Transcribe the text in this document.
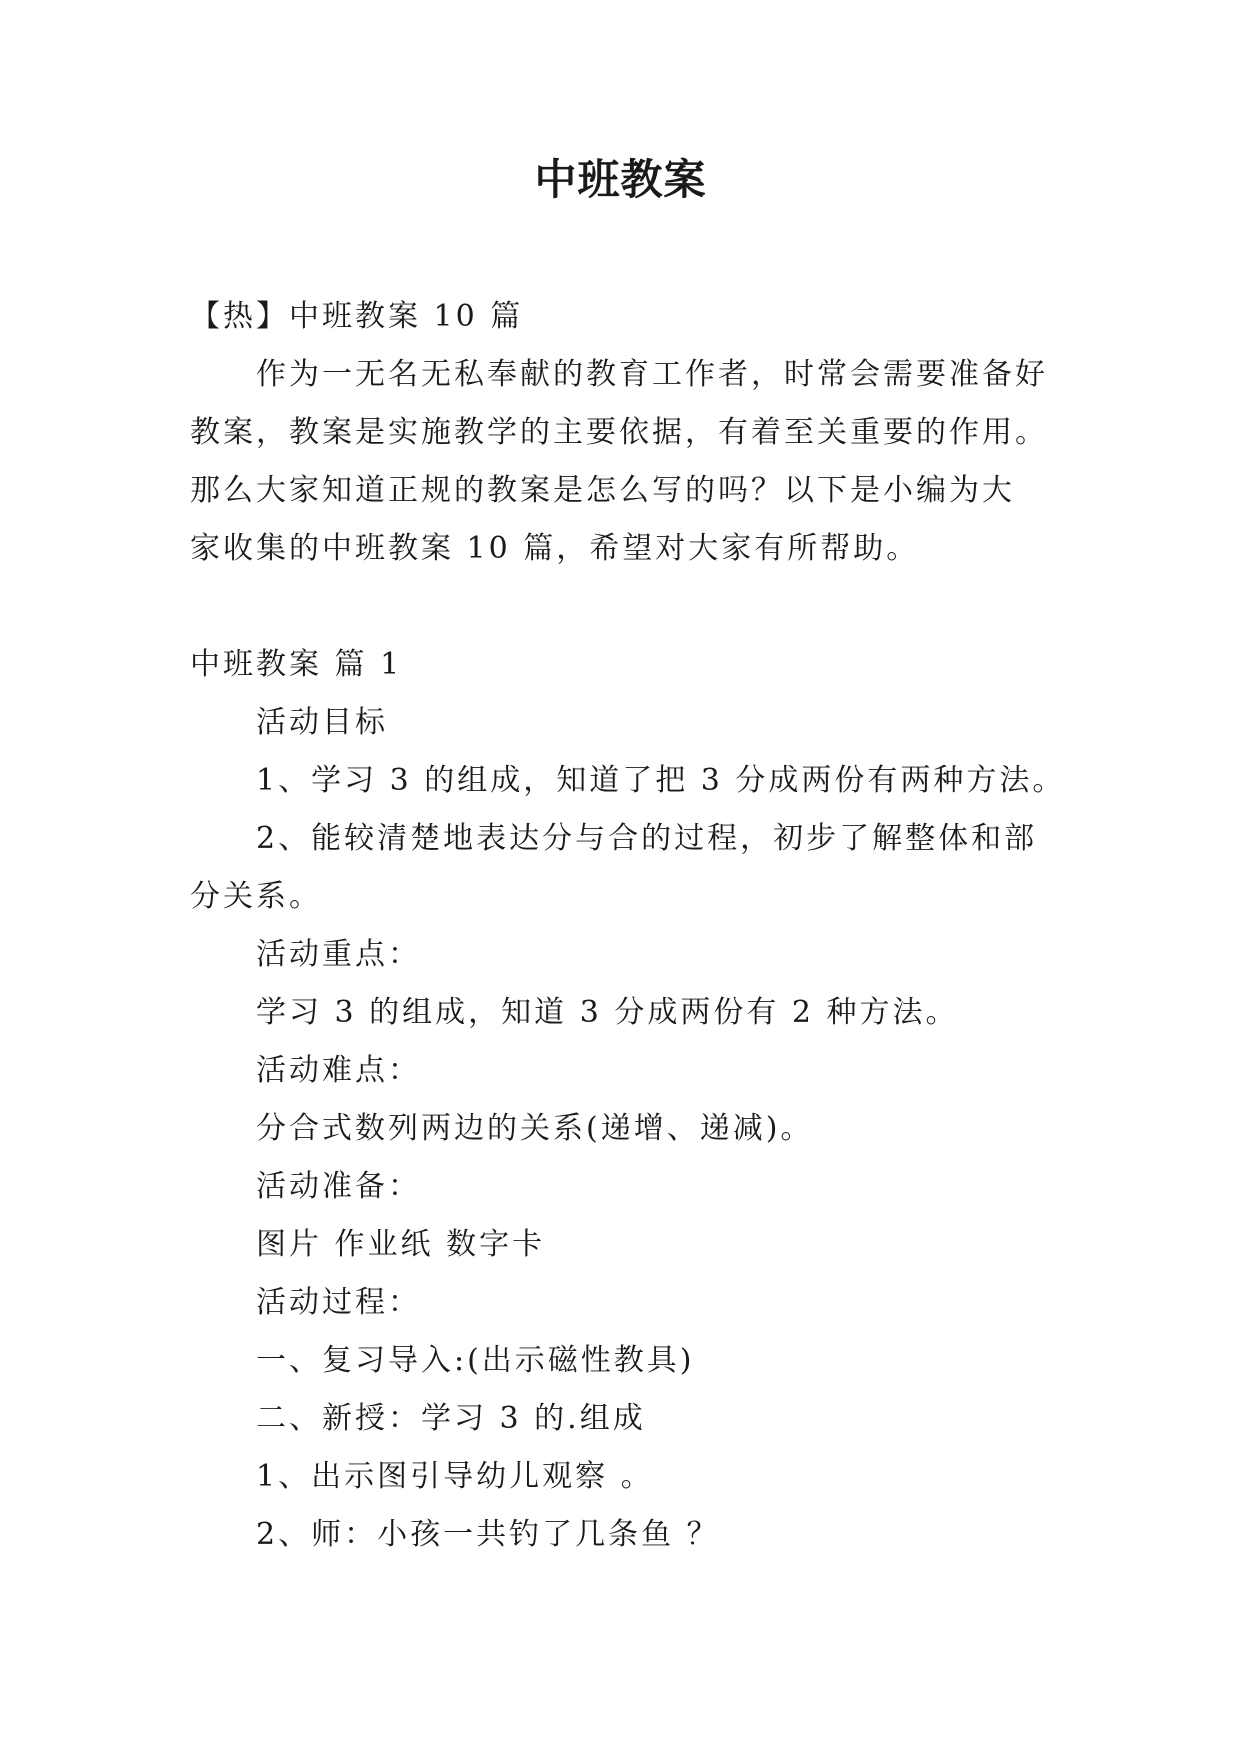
中班教案

【热】中班教案 10 篇

作为一无名无私奉献的教育工作者，时常会需要准备好

教案，教案是实施教学的主要依据，有着至关重要的作用。

那么大家知道正规的教案是怎么写的吗？以下是小编为大

家收集的中班教案 10 篇，希望对大家有所帮助。

中班教案 篇 1

活动目标

1、学习 3 的组成，知道了把 3 分成两份有两种方法。

2、能较清楚地表达分与合的过程，初步了解整体和部

分关系。

活动重点：

学习 3 的组成，知道 3 分成两份有 2 种方法。

活动难点：

分合式数列两边的关系(递增、递减)。

活动准备：

图片 作业纸 数字卡

活动过程：

一、复习导入:(出示磁性教具)

二、新授：学习 3 的.组成

1、出示图引导幼儿观察 。

2、师：小孩一共钓了几条鱼 ？
